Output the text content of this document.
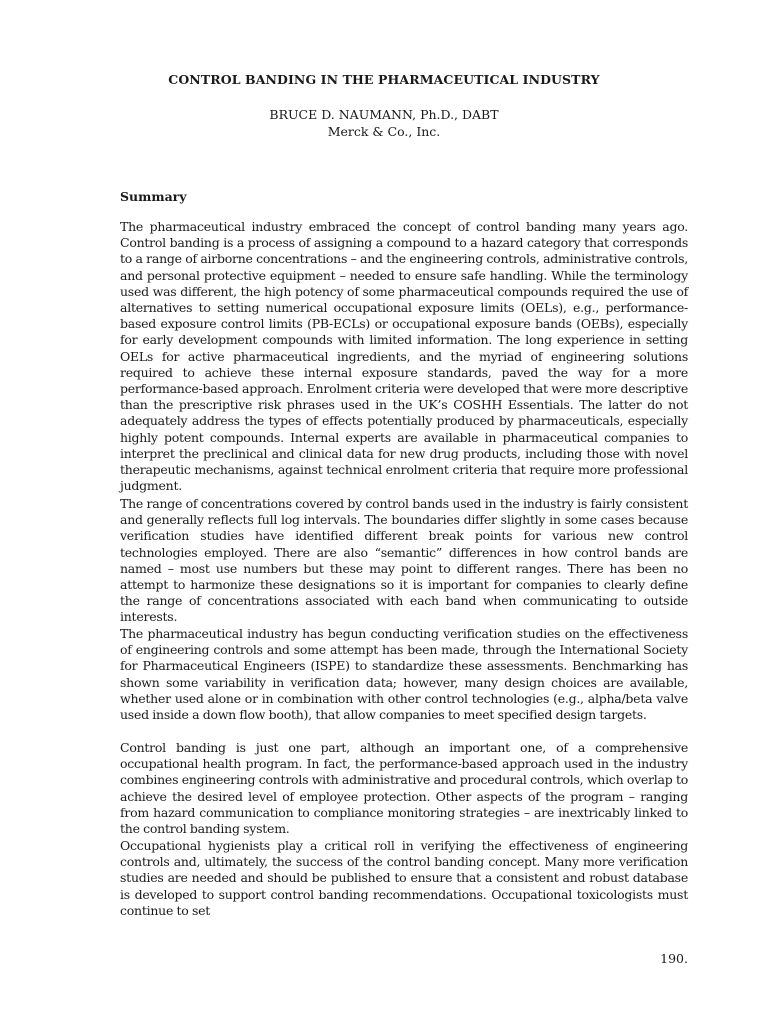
CONTROL BANDING IN THE PHARMACEUTICAL INDUSTRY
BRUCE D. NAUMANN, Ph.D., DABT
Merck & Co., Inc.
Summary

The pharmaceutical industry embraced the concept of control banding many years ago. Control banding is a process of assigning a compound to a hazard category that corresponds to a range of airborne concentrations – and the engineering controls, administrative controls, and personal protective equipment – needed to ensure safe handling. While the terminology used was different, the high potency of some pharmaceutical compounds required the use of alternatives to setting numerical occupational exposure limits (OELs), e.g., performance-based exposure control limits (PB-ECLs) or occupational exposure bands (OEBs), especially for early development compounds with limited information. The long experience in setting OELs for active pharmaceutical ingredients, and the myriad of engineering solutions required to achieve these internal exposure standards, paved the way for a more performance-based approach. Enrolment criteria were developed that were more descriptive than the prescriptive risk phrases used in the UK’s COSHH Essentials. The latter do not adequately address the types of effects potentially produced by pharmaceuticals, especially highly potent compounds. Internal experts are available in pharmaceutical companies to interpret the preclinical and clinical data for new drug products, including those with novel therapeutic mechanisms, against technical enrolment criteria that require more professional judgment.

The range of concentrations covered by control bands used in the industry is fairly consistent and generally reflects full log intervals. The boundaries differ slightly in some cases because verification studies have identified different break points for various new control technologies employed. There are also “semantic” differences in how control bands are named – most use numbers but these may point to different ranges. There has been no attempt to harmonize these designations so it is important for companies to clearly define the range of concentrations associated with each band when communicating to outside interests.

The pharmaceutical industry has begun conducting verification studies on the effectiveness of engineering controls and some attempt has been made, through the International Society for Pharmaceutical Engineers (ISPE) to standardize these assessments. Benchmarking has shown some variability in verification data; however, many design choices are available, whether used alone or in combination with other control technologies (e.g., alpha/beta valve used inside a down flow booth), that allow companies to meet specified design targets.

Control banding is just one part, although an important one, of a comprehensive occupational health program. In fact, the performance-based approach used in the industry combines engineering controls with administrative and procedural controls, which overlap to achieve the desired level of employee protection. Other aspects of the program – ranging from hazard communication to compliance monitoring strategies – are inextricably linked to the control banding system.

Occupational hygienists play a critical roll in verifying the effectiveness of engineering controls and, ultimately, the success of the control banding concept. Many more verification studies are needed and should be published to ensure that a consistent and robust database is developed to support control banding recommendations. Occupational toxicologists must continue to set

190.
